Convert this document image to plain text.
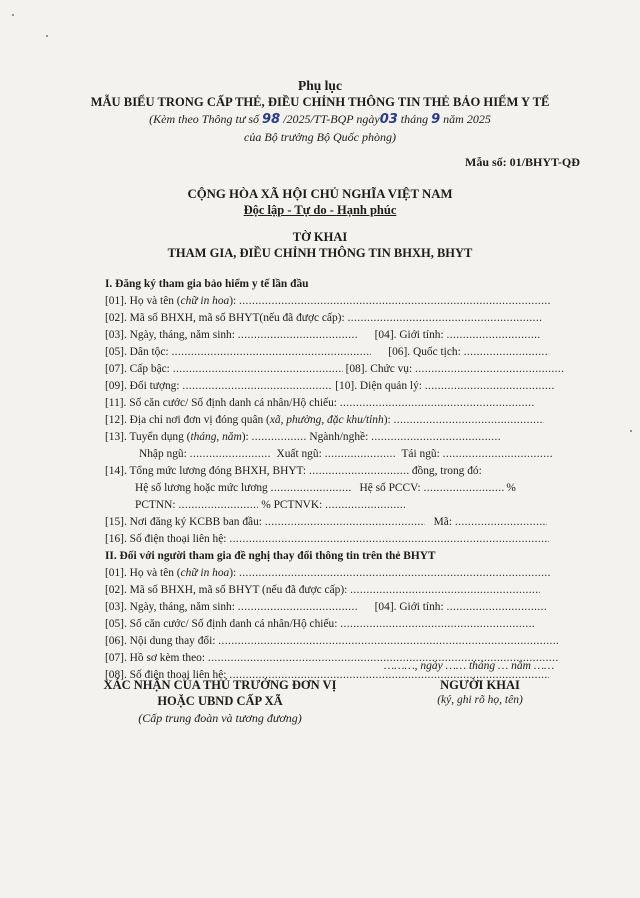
Phụ lục
MẪU BIỂU TRONG CẤP THẺ, ĐIỀU CHỈNH THÔNG TIN THẺ BẢO HIỂM Y TẾ
(Kèm theo Thông tư số 98 /2025/TT-BQP ngày03 tháng 9 năm 2025
của Bộ trưởng Bộ Quốc phòng)
Mẫu số: 01/BHYT-QĐ
CỘNG HÒA XÃ HỘI CHỦ NGHĨA VIỆT NAM
Độc lập - Tự do - Hạnh phúc
TỜ KHAI
THAM GIA, ĐIỀU CHỈNH THÔNG TIN BHXH, BHYT
I. Đăng ký tham gia bảo hiểm y tế lần đầu
[01]. Họ và tên (chữ in hoa): .....
[02]. Mã số BHXH, mã số BHYT(nếu đã được cấp): .....
[03]. Ngày, tháng, năm sinh: .....	[04]. Giới tính: .....
[05]. Dân tộc: .....	[06]. Quốc tịch: .....
[07]. Cấp bậc: .....	[08]. Chức vụ: .....
[09]. Đối tượng: .....	[10]. Diện quản lý: .....
[11]. Số căn cước/ Số định danh cá nhân/Hộ chiếu: .....
[12]. Địa chỉ nơi đơn vị đóng quân (xã, phường, đặc khu/tỉnh): .....
[13]. Tuyển dụng (tháng, năm): .....	Ngành/nghề: .....
Nhập ngũ: .....	Xuất ngũ: .....	Tái ngũ: .....
[14]. Tổng mức lương đóng BHXH, BHYT: .....	đồng, trong đó:
Hệ số lương hoặc mức lương .....	Hệ số PCCV: .....	%
PCTNN: .....	% PCTNVK: .....
[15]. Nơi đăng ký KCBB ban đầu: .....	Mã: .....
[16]. Số điện thoại liên hệ: .....
II. Đối với người tham gia đề nghị thay đổi thông tin trên thẻ BHYT
[01]. Họ và tên (chữ in hoa): .....
[02]. Mã số BHXH, mã số BHYT (nếu đã được cấp): .....
[03]. Ngày, tháng, năm sinh: .....	[04]. Giới tính: .....
[05]. Số căn cước/ Số định danh cá nhân/Hộ chiếu: .....
[06]. Nội dung thay đổi: .....
[07]. Hồ sơ kèm theo: .....
[08]. Số điện thoại liên hệ: .....
………, ngày …… tháng … năm ……
XÁC NHẬN CỦA THỦ TRƯỞNG ĐƠN VỊ
HOẶC UBND CẤP XÃ
(Cấp trung đoàn và tương đương)
NGƯỜI KHAI
(ký, ghi rõ họ, tên)
